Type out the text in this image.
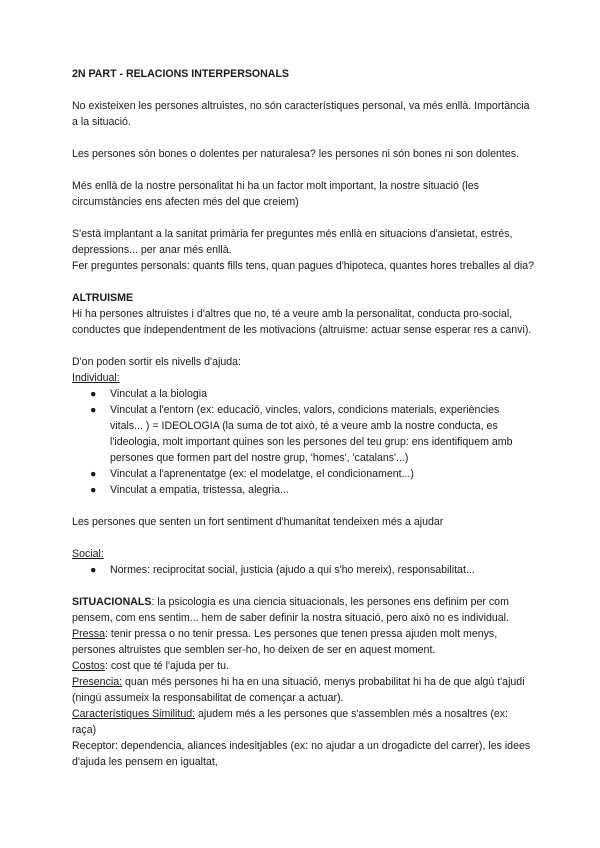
2N PART - RELACIONS INTERPERSONALS

No existeixen les persones altruistes, no són característiques personal, va més enllà. Importància a la situació.

Les persones són bones o dolentes per naturalesa? les persones ni són bones ni son dolentes.

Més enllà de la nostre personalitat hi ha un factor molt important, la nostre situació (les circumstàncies ens afecten més del que creiem)

S'està implantant a la sanitat primària fer preguntes més enllà en situacions d'ansietat, estrés, depressions... per anar més enllà.

Fer preguntes personals: quants fills tens, quan pagues d'hipoteca, quantes hores treballes al dia?

ALTRUISME

Hi ha persones altruistes i d'altres que no, té a veure amb la personalitat, conducta pro-social, conductes que independentment de les motivacions (altruisme: actuar sense esperar res a canvi).

D'on poden sortir els nivells d'ajuda:

Individual:

● Vinculat a la biologia
● Vinculat a l'entorn (ex: educació, vincles, valors, condicions materials, experiències vitals... ) = IDEOLOGIA (la suma de tot això, té a veure amb la nostre conducta, es l'ideologia, molt important quines son les persones del teu grup: ens identifiquem amb persones que formen part del nostre grup, 'homes', 'catalans'...)
● Vinculat a l'aprenentatge (ex: el modelatge, el condicionament...)
● Vinculat a empatia, tristessa, alegria...

Les persones que senten un fort sentiment d'humanitat tendeixen més a ajudar

Social:

● Normes: reciprocitat social, justicia (ajudo a qui s'ho mereix), responsabilitat...

SITUACIONALS: la psicologia es una ciencia situacionals, les persones ens definim per com pensem, com ens sentim... hem de saber definir la nostra situació, pero això no es individual.

Pressa: tenir pressa o no tenir pressa. Les persones que tenen pressa ajuden molt menys, persones altruistes que semblen ser-ho, ho deixen de ser en aquest moment.

Costos: cost que té l'ajuda per tu.

Presencia: quan més persones hi ha en una situació, menys probabilitat hi ha de que algú t'ajudi (ningú assumeix la responsabilitat de començar a actuar).

Característiques Similitud: ajudem més a les persones que s'assemblen més a nosaltres (ex: raça)

Receptor: dependencia, aliances indesitjables (ex: no ajudar a un drogadicte del carrer), les idees d'ajuda les pensem en igualtat,
